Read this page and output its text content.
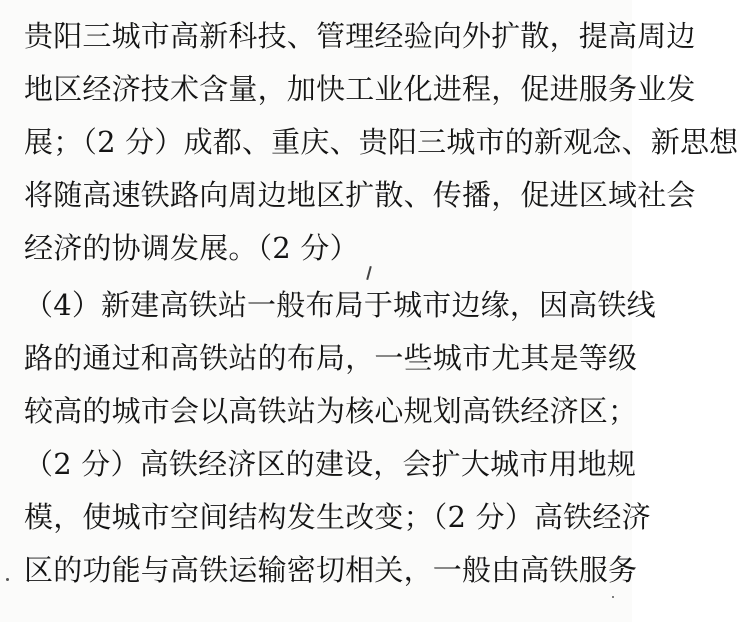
贵阳三城市高新科技、管理经验向外扩散，提高周边
地区经济技术含量，加快工业化进程，促进服务业发
展；（2 分）成都、重庆、贵阳三城市的新观念、新思想
将随高速铁路向周边地区扩散、传播，促进区域社会
经济的协调发展。（2 分）
（4）新建高铁站一般布局于城市边缘，因高铁线
路的通过和高铁站的布局，一些城市尤其是等级
较高的城市会以高铁站为核心规划高铁经济区；
（2 分）高铁经济区的建设，会扩大城市用地规
模，使城市空间结构发生改变；（2 分）高铁经济
区的功能与高铁运输密切相关，一般由高铁服务
